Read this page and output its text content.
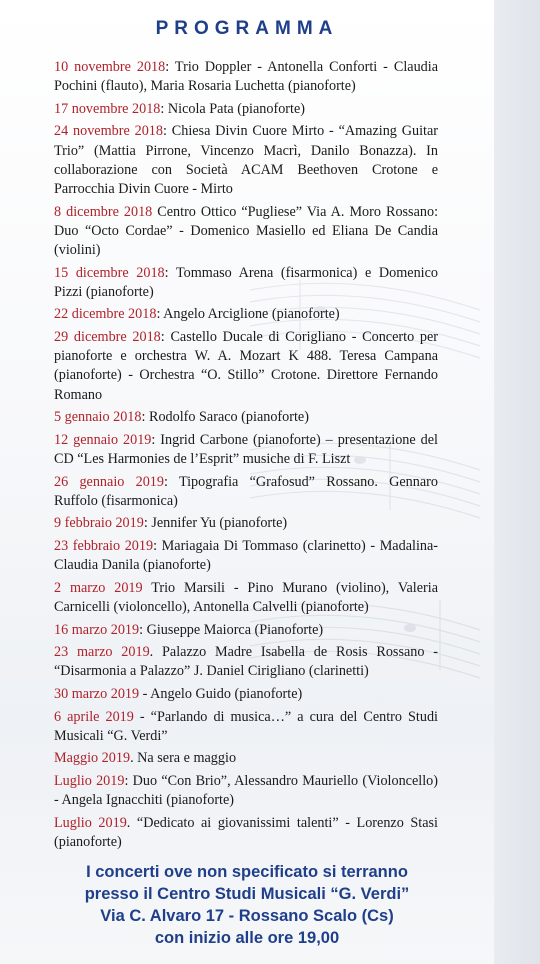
PROGRAMMA
10 novembre 2018: Trio Doppler - Antonella Conforti - Claudia Pochini (flauto), Maria Rosaria Luchetta (pianoforte)
17 novembre 2018: Nicola Pata (pianoforte)
24 novembre 2018: Chiesa Divin Cuore Mirto - “Amazing Guitar Trio” (Mattia Pirrone, Vincenzo Macrì, Danilo Bonazza). In collaborazione con Società ACAM Beethoven Crotone e Parrocchia Divin Cuore - Mirto
8 dicembre 2018 Centro Ottico “Pugliese” Via A. Moro Rossano: Duo “Octo Cordae” - Domenico Masiello ed Eliana De Candia (violini)
15 dicembre 2018: Tommaso Arena (fisarmonica) e Domenico Pizzi (pianoforte)
22 dicembre 2018: Angelo Arciglione (pianoforte)
29 dicembre 2018: Castello Ducale di Corigliano - Concerto per pianoforte e orchestra W. A. Mozart K 488. Teresa Campana (pianoforte) - Orchestra “O. Stillo” Crotone. Direttore Fernando Romano
5 gennaio 2018: Rodolfo Saraco (pianoforte)
12 gennaio 2019: Ingrid Carbone (pianoforte) – presentazione del CD “Les Harmonies de l’Esprit” musiche di F. Liszt
26 gennaio 2019: Tipografia “Grafosud” Rossano. Gennaro Ruffolo (fisarmonica)
9 febbraio 2019: Jennifer Yu (pianoforte)
23 febbraio 2019: Mariagaia Di Tommaso (clarinetto) - Madalina-Claudia Danila (pianoforte)
2 marzo 2019 Trio Marsili - Pino Murano (violino), Valeria Carnicelli (violoncello), Antonella Calvelli (pianoforte)
16 marzo 2019: Giuseppe Maiorca (Pianoforte)
23 marzo 2019. Palazzo Madre Isabella de Rosis Rossano - “Disarmonia a Palazzo” J. Daniel Cirigliano (clarinetti)
30 marzo 2019 - Angelo Guido (pianoforte)
6 aprile 2019 - “Parlando di musica…” a cura del Centro Studi Musicali “G. Verdi”
Maggio 2019. Na sera e maggio
Luglio 2019: Duo “Con Brio”, Alessandro Mauriello (Violoncello) - Angela Ignacchiti (pianoforte)
Luglio 2019. “Dedicato ai giovanissimi talenti” - Lorenzo Stasi (pianoforte)
I concerti ove non specificato si terranno
presso il Centro Studi Musicali “G. Verdi”
Via C. Alvaro 17 - Rossano Scalo (Cs)
con inizio alle ore 19,00
